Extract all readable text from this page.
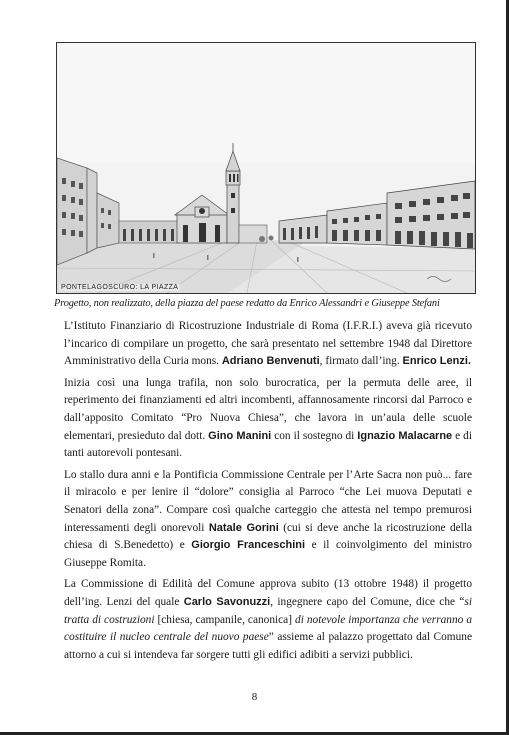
PONTELAGOSCURO: LA PIAZZA
Progetto, non realizzato, della piazza del paese redatto da Enrico Alessandri e Giuseppe Stefani

L’Istituto Finanziario di Ricostruzione Industriale di Roma (I.F.R.I.) aveva già ricevuto l’incarico di compilare un progetto, che sarà presentato nel settembre 1948 dal Direttore Amministrativo della Curia mons. Adriano Benvenuti, firmato dall’ing. Enrico Lenzi.

Inizia così una lunga trafila, non solo burocratica, per la permuta delle aree, il reperimento dei finanziamenti ed altri incombenti, affannosamente rincorsi dal Parroco e dall’apposito Comitato “Pro Nuova Chiesa”, che lavora in un’aula delle scuole elementari, presieduto dal dott. Gino Manini con il sostegno di Ignazio Malacarne e di tanti autorevoli pontesani.

Lo stallo dura anni e la Pontificia Commissione Centrale per l’Arte Sacra non può... fare il miracolo e per lenire il “dolore” consiglia al Parroco “che Lei muova Deputati e Senatori della zona”. Compare così qualche carteggio che attesta nel tempo premurosi interessamenti degli onorevoli Natale Gorini (cui si deve anche la ricostruzione della chiesa di S.Benedetto) e Giorgio Franceschini e il coinvolgimento del ministro Giuseppe Romita.

La Commissione di Edilità del Comune approva subito (13 ottobre 1948) il progetto dell’ing. Lenzi del quale Carlo Savonuzzi, ingegnere capo del Comune, dice che “si tratta di costruzioni [chiesa, campanile, canonica] di notevole importanza che verranno a costituire il nucleo centrale del nuovo paese” assieme al palazzo progettato dal Comune attorno a cui si intendeva far sorgere tutti gli edifici adibiti a servizi pubblici.

8
